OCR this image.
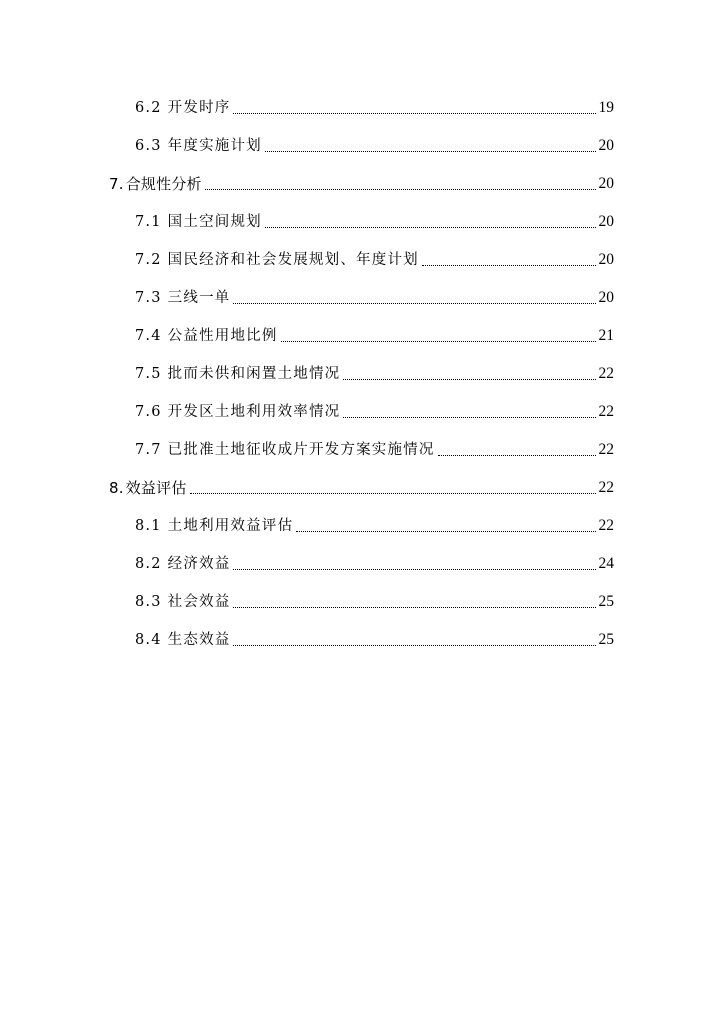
6.2 开发时序	19
6.3 年度实施计划	20
7. 合规性分析	20
7.1 国土空间规划	20
7.2 国民经济和社会发展规划、年度计划	20
7.3 三线一单	20
7.4 公益性用地比例	21
7.5 批而未供和闲置土地情况	22
7.6 开发区土地利用效率情况	22
7.7 已批准土地征收成片开发方案实施情况	22
8. 效益评估	22
8.1 土地利用效益评估	22
8.2 经济效益	24
8.3 社会效益	25
8.4 生态效益	25
